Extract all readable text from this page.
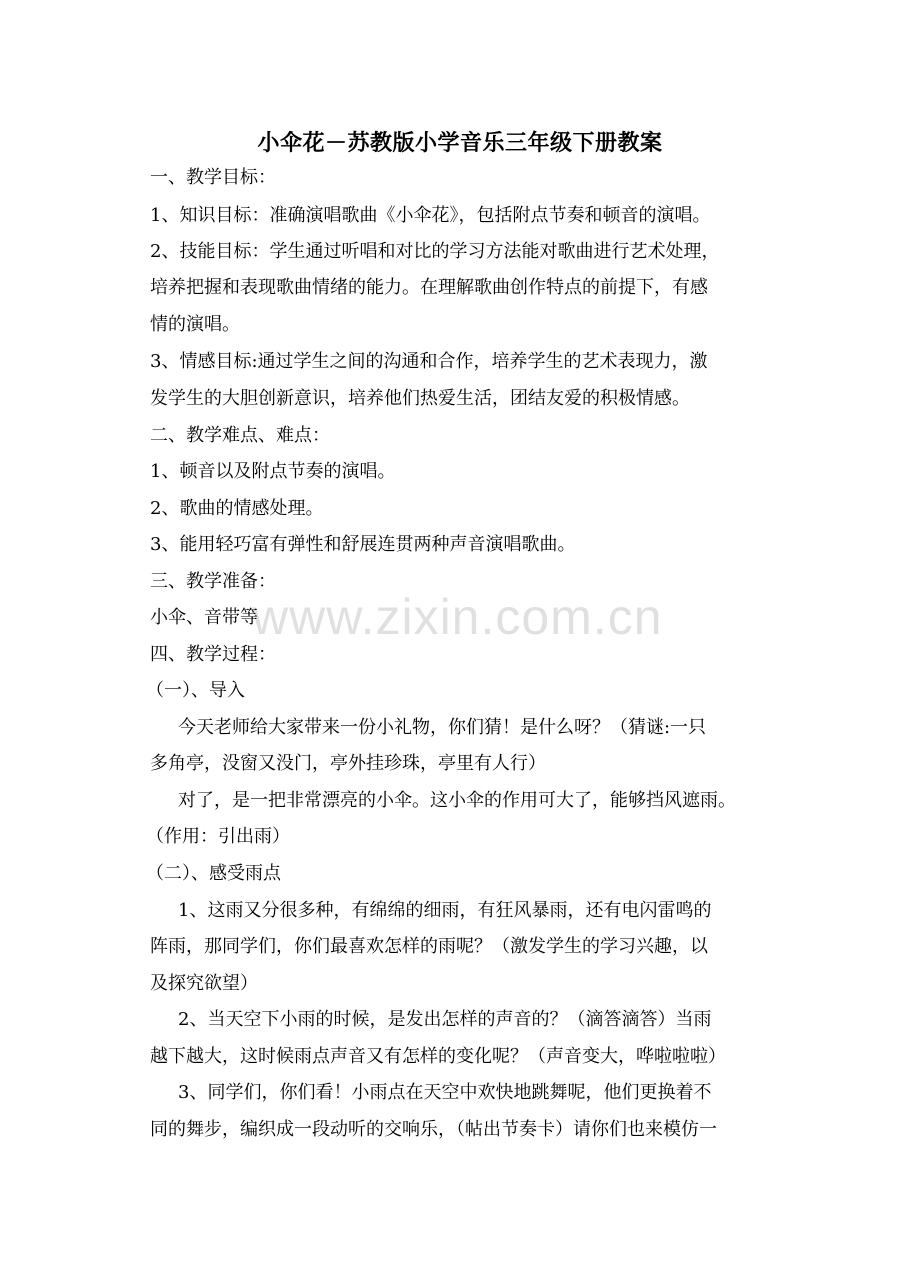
www.zixin.com.cn
小伞花－苏教版小学音乐三年级下册教案
一、教学目标：
1、知识目标：准确演唱歌曲《小伞花》，包括附点节奏和顿音的演唱。
2、技能目标：学生通过听唱和对比的学习方法能对歌曲进行艺术处理，
培养把握和表现歌曲情绪的能力。在理解歌曲创作特点的前提下，有感
情的演唱。
3、情感目标:通过学生之间的沟通和合作，培养学生的艺术表现力，激
发学生的大胆创新意识，培养他们热爱生活，团结友爱的积极情感。
二、教学难点、难点：
1、顿音以及附点节奏的演唱。
2、歌曲的情感处理。
3、能用轻巧富有弹性和舒展连贯两种声音演唱歌曲。
三、教学准备：
小伞、音带等
四、教学过程：
（一）、导入
今天老师给大家带来一份小礼物，你们猜！是什么呀？（猜谜:一只
多角亭，没窗又没门，亭外挂珍珠，亭里有人行）
对了，是一把非常漂亮的小伞。这小伞的作用可大了，能够挡风遮雨。
（作用：引出雨）
（二）、感受雨点
1、这雨又分很多种，有绵绵的细雨，有狂风暴雨，还有电闪雷鸣的
阵雨，那同学们，你们最喜欢怎样的雨呢？（激发学生的学习兴趣，以
及探究欲望）
2、当天空下小雨的时候，是发出怎样的声音的？（滴答滴答）当雨
越下越大，这时候雨点声音又有怎样的变化呢？（声音变大，哗啦啦啦）
3、同学们，你们看！小雨点在天空中欢快地跳舞呢，他们更换着不
同的舞步，编织成一段动听的交响乐，（帖出节奏卡）请你们也来模仿一
